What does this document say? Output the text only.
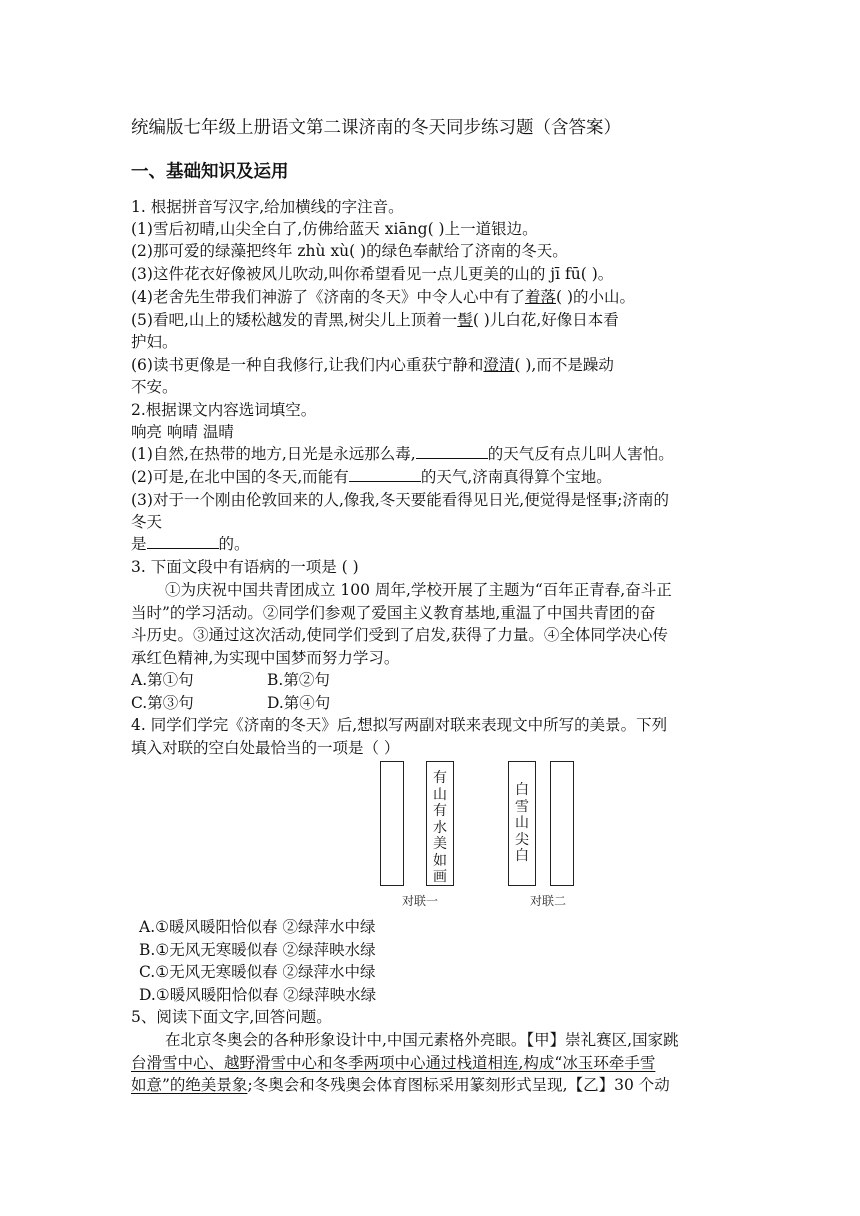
统编版七年级上册语文第二课济南的冬天同步练习题（含答案）
一、基础知识及运用
1. 根据拼音写汉字,给加横线的字注音。
(1)雪后初晴,山尖全白了,仿佛给蓝天 xiāng( )上一道银边。
(2)那可爱的绿藻把终年 zhù xù( )的绿色奉献给了济南的冬天。
(3)这件花衣好像被风儿吹动,叫你希望看见一点儿更美的山的 jī fū( )。
(4)老舍先生带我们神游了《济南的冬天》中令人心中有了着落( )的小山。
(5)看吧,山上的矮松越发的青黑,树尖儿上顶着一髻( )儿白花,好像日本看
护妇。
(6)读书更像是一种自我修行,让我们内心重获宁静和澄清( ),而不是躁动
不安。
2.根据课文内容选词填空。
响亮 响晴 温晴
(1)自然,在热带的地方,日光是永远那么毒,	的天气反有点儿叫人害怕。
(2)可是,在北中国的冬天,而能有	的天气,济南真得算个宝地。
(3)对于一个刚由伦敦回来的人,像我,冬天要能看得见日光,便觉得是怪事;济南的
冬天
是	的。
3. 下面文段中有语病的一项是 ( )
①为庆祝中国共青团成立 100 周年,学校开展了主题为“百年正青春,奋斗正
当时”的学习活动。②同学们参观了爱国主义教育基地,重温了中国共青团的奋
斗历史。③通过这次活动,使同学们受到了启发,获得了力量。④全体同学决心传
承红色精神,为实现中国梦而努力学习。
A.第①句	B.第②句
C.第③句	D.第④句
4. 同学们学完《济南的冬天》后,想拟写两副对联来表现文中所写的美景。下列
填入对联的空白处最恰当的一项是（ ）
有山有水美如画
白雪山尖白
对联一	对联二
A.①暖风暖阳恰似春 ②绿萍水中绿
B.①无风无寒暖似春 ②绿萍映水绿
C.①无风无寒暖似春 ②绿萍水中绿
D.①暖风暖阳恰似春 ②绿萍映水绿
5、阅读下面文字,回答问题。
在北京冬奥会的各种形象设计中,中国元素格外亮眼。【甲】崇礼赛区,国家跳
台滑雪中心、越野滑雪中心和冬季两项中心通过栈道相连,构成“冰玉环牵手雪
如意”的绝美景象;冬奥会和冬残奥会体育图标采用篆刻形式呈现,【乙】30 个动
